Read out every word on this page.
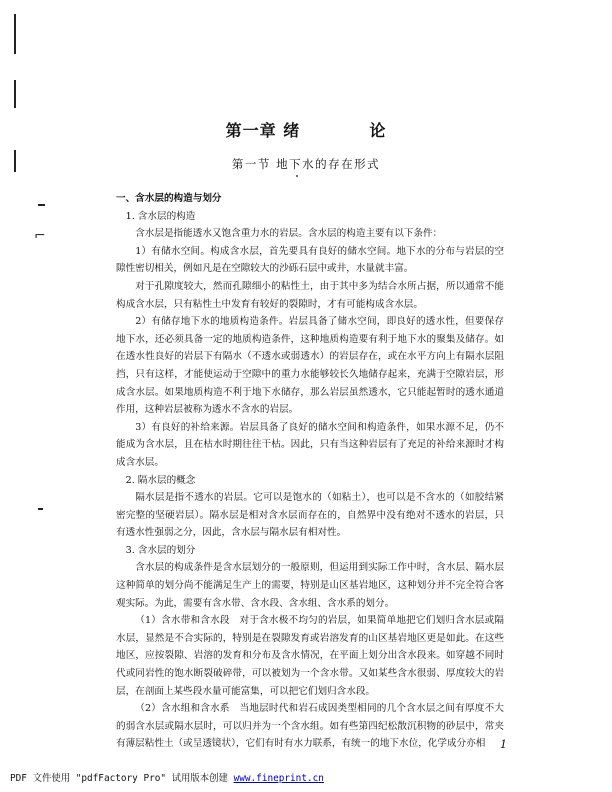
⌐
第一章 绪	论
第一节 地下水的存在形式

一、含水层的构造与划分

1. 含水层的构造

含水层是指能透水又饱含重力水的岩层。含水层的构造主要有以下条件：

1）有储水空间。构成含水层，首先要具有良好的储水空间。地下水的分布与岩层的空隙性密切相关，例如凡是在空隙较大的沙砾石层中或井，水量就丰富。

对于孔隙度较大，然而孔隙细小的粘性土，由于其中多为结合水所占据，所以通常不能构成含水层，只有粘性土中发育有较好的裂隙时，才有可能构成含水层。

2）有储存地下水的地质构造条件。岩层具备了储水空间，即良好的透水性，但要保存地下水，还必须具备一定的地质构造条件，这种地质构造要有利于地下水的聚集及储存。如在透水性良好的岩层下有隔水（不透水或弱透水）的岩层存在，或在水平方向上有隔水层阻挡，只有这样，才能使运动于空隙中的重力水能够较长久地储存起来，充满于空隙岩层，形成含水层。如果地质构造不利于地下水储存，那么岩层虽然透水，它只能起暂时的透水通道作用，这种岩层被称为透水不含水的岩层。

3）有良好的补给来源。岩层具备了良好的储水空间和构造条件，如果水源不足，仍不能成为含水层，且在枯水时期往往干枯。因此，只有当这种岩层有了充足的补给来源时才构成含水层。

2. 隔水层的概念

隔水层是指不透水的岩层。它可以是饱水的（如粘土），也可以是不含水的（如胶结紧密完整的坚硬岩层）。隔水层是相对含水层而存在的，自然界中没有绝对不透水的岩层，只有透水性强弱之分，因此，含水层与隔水层有相对性。

3. 含水层的划分

含水层的构成条件是含水层划分的一般原则，但运用到实际工作中时，含水层、隔水层这种简单的划分尚不能满足生产上的需要，特别是山区基岩地区，这种划分并不完全符合客观实际。为此，需要有含水带、含水段、含水组、含水系的划分。

（1）含水带和含水段　对于含水极不均匀的岩层，如果简单地把它们划归含水层或隔水层，显然是不合实际的，特别是在裂隙发育或岩溶发育的山区基岩地区更是如此。在这些地区，应按裂隙、岩溶的发育和分布及含水情况，在平面上划分出含水段来。如穿越不同时代或同岩性的饱水断裂破碎带，可以被划为一个含水带。又如某些含水很弱、厚度较大的岩层，在剖面上某些段水量可能富集，可以把它们划归含水段。

（2）含水组和含水系　当地层时代和岩石成因类型相同的几个含水层之间有厚度不大的弱含水层或隔水层时，可以归并为一个含水组。如有些第四纪松散沉积物的砂层中，常夹有薄层粘性土（或呈透镜状），它们有时有水力联系，有统一的地下水位，化学成分亦相	1
PDF 文件使用 "pdfFactory Pro" 试用版本创建 www.fineprint.cn
